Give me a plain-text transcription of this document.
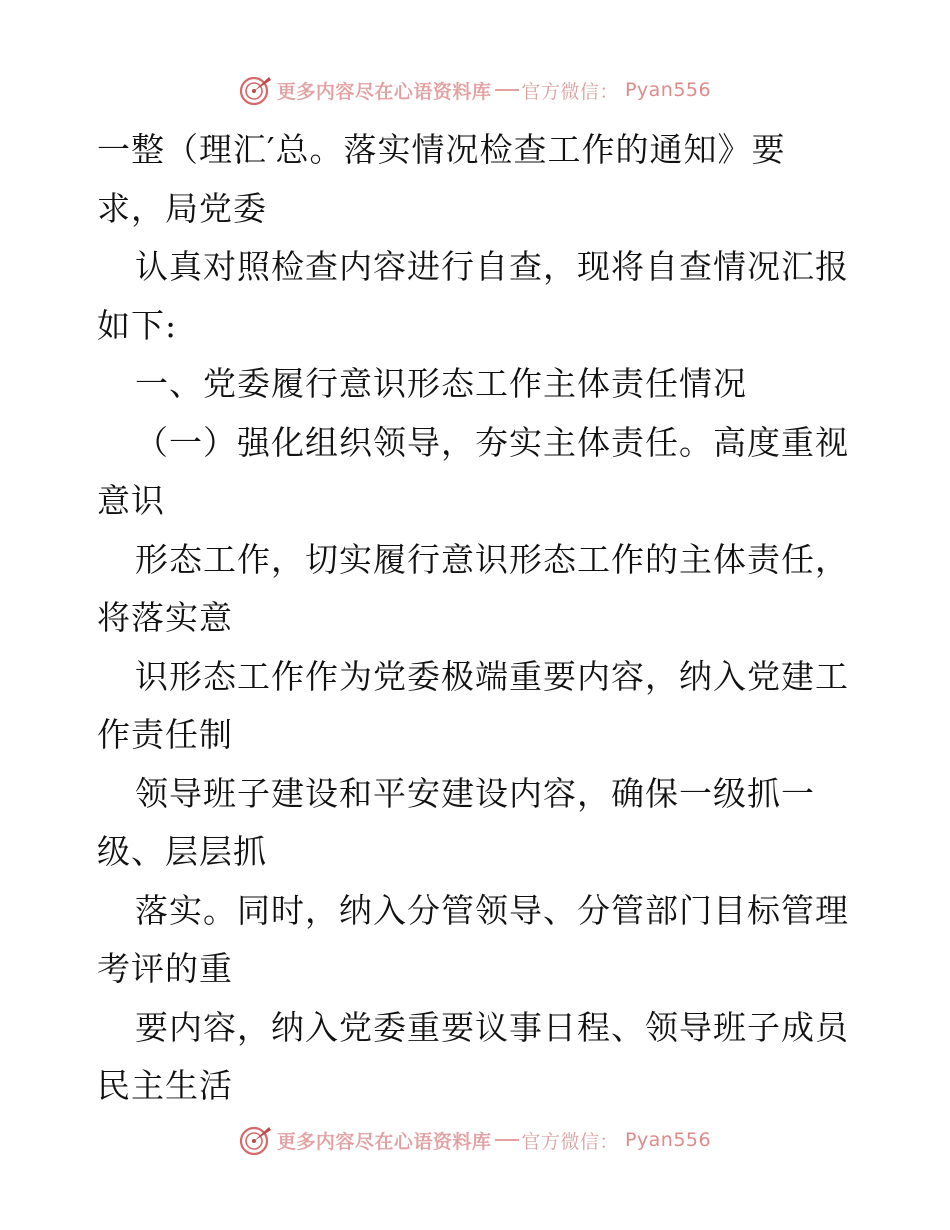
更多内容尽在心语资料库 官方微信： Pyan556
一整（理汇′总。落实情况检查工作的通知》要
求，局党委
认真对照检查内容进行自查，现将自查情况汇报
如下:
一、党委履行意识形态工作主体责任情况
（一）强化组织领导，夯实主体责任。高度重视
意识
形态工作，切实履行意识形态工作的主体责任，
将落实意
识形态工作作为党委极端重要内容，纳入党建工
作责任制
领导班子建设和平安建设内容，确保一级抓一
级、层层抓
落实。同时，纳入分管领导、分管部门目标管理
考评的重
要内容，纳入党委重要议事日程、领导班子成员
民主生活
更多内容尽在心语资料库 官方微信： Pyan556
